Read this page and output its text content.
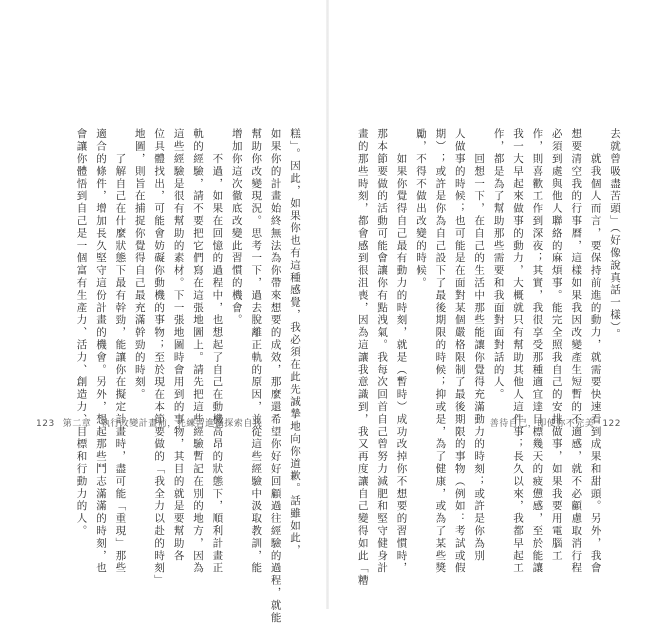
糕」。因此，如果你也有這種感覺，我必須在此先誠摯地向你道歉。話雖如此，

如果你的計畫始終無法為你帶來想要的成效，那麼還希望你好好回顧過往經驗的過程，就能

幫助你改變現況。思考一下，過去脫離正軌的原因，並從這些經驗中汲取教訓，能

增加你這次徹底改變此習慣的機會。

　　不過，如果在回憶的過程中，也想起了自己在動機高昂的狀態下，順利計畫正

軌的經驗，請不要把它們寫在這張地圖上。請先把這些經驗暫記在別的地方，因為

這些經驗是很有幫助的素材。下一張地圖時會用到的事物，其目的就是要幫助各

位具體找出，可能會妨礙你動機的事物；至於現在本節要做的「我全力以赴的時刻」

地圖，則旨在捕捉你覺得自己最充滿幹勁的時刻。

　　了解自己在什麼狀態下最有幹勁，能讓你在擬定計畫時，盡可能「重現」那些

適合的條件，增加長久堅守這份計畫的機會。另外，想起那些鬥志滿滿的時刻，也

會讓你體悟到自己是一個富有生產力、活力、創造力、目標和行動力的人。

123 第二章　執行改變計畫前，先練習進攝探索自我

去就曾吸盡苦頭」（好像說真話一樣）。

　　就我個人而言，要保持前進的動力，就需要快速看到成果和甜頭。另外，我會

想要清空我的行事曆，這樣如果我因改變產生短暫的不適感，就不必顧慮取消行程

必須到處與他人聯絡的麻煩事。能完全照我自己的安排做事，如果我要用電腦工

作，則喜歡工作到深夜；其實，我很享受那種適宜達目標幾天的疲憊感，至於能讓

我一大早起來做事的動力，大概就只有幫助其他人這件事；長久以來，我都早起工

作，都是為了幫助那些需要和我面對面對話的人。

　　回想一下，在自己的生活中那些能讓你覺得充滿動力的時刻；或許是你為別

人做事的時候；也可能是在面對某個嚴格限制了最後期限的事物（例如：考試或假

期）；或許是你為自己設下了最後期限的時候；抑或是，為了健康，或為了某些獎

勵，不得不做出改變的時候。

　　如果你覺得自己最有動力的時刻，就是（暫時）成功改掉你不想要的習慣時，

那本節要做的活動可能會讓你有點洩氣。我每次回首自己曾努力減肥和堅守健身計

畫的那些時刻，都會感到很沮喪，因為這讓我意識到，我又再度讓自己變得如此「糟	善待自己，即使你不完美 122
